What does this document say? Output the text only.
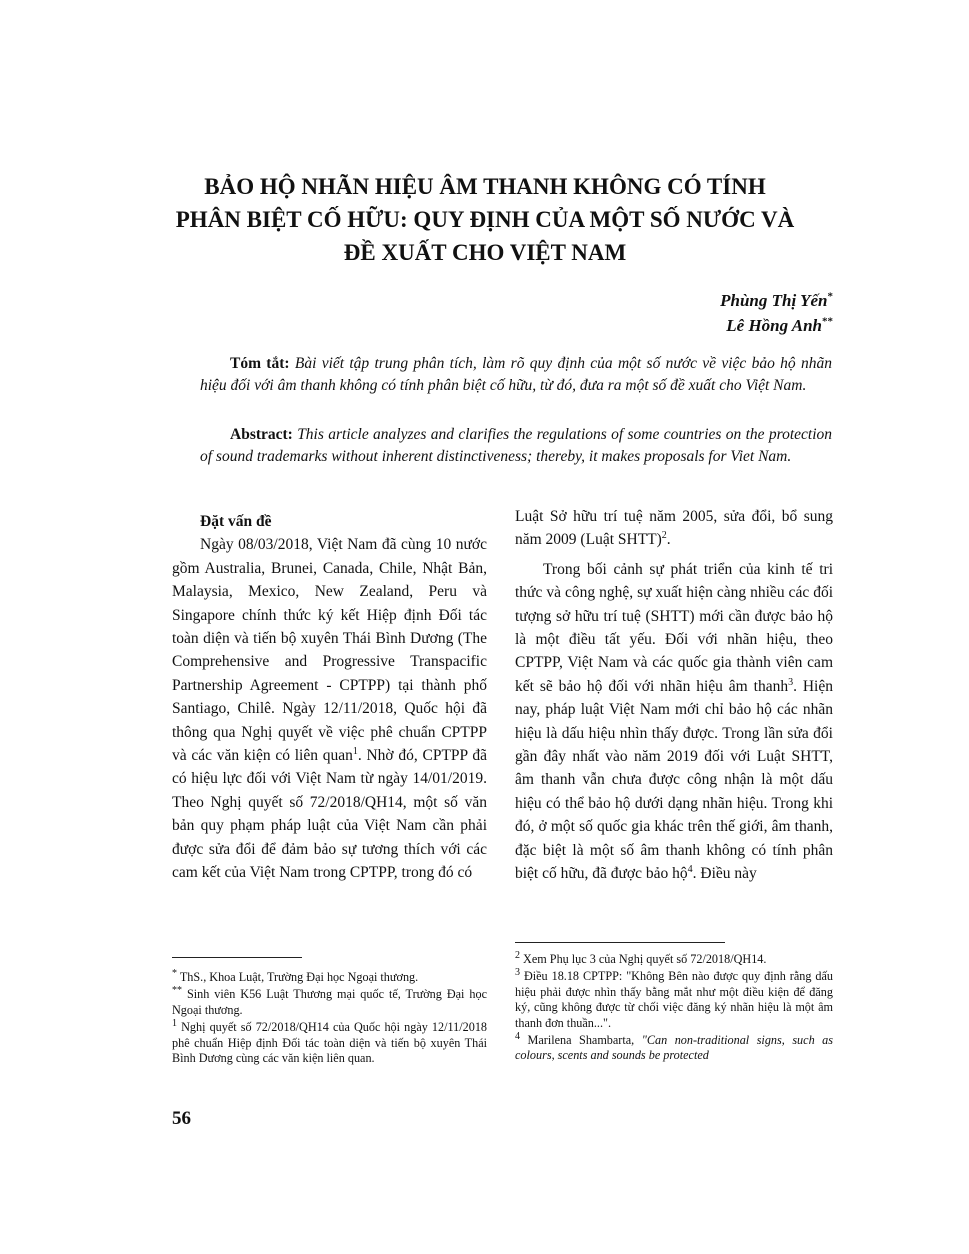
BẢO HỘ NHÃN HIỆU ÂM THANH KHÔNG CÓ TÍNH
PHÂN BIỆT CỐ HỮU: QUY ĐỊNH CỦA MỘT SỐ NƯỚC VÀ
ĐỀ XUẤT CHO VIỆT NAM
Phùng Thị Yến*
Lê Hồng Anh**

Tóm tắt: Bài viết tập trung phân tích, làm rõ quy định của một số nước về việc bảo hộ nhãn hiệu đối với âm thanh không có tính phân biệt cố hữu, từ đó, đưa ra một số đề xuất cho Việt Nam.

Abstract: This article analyzes and clarifies the regulations of some countries on the protection of sound trademarks without inherent distinctiveness; thereby, it makes proposals for Viet Nam.

Đặt vấn đề

Ngày 08/03/2018, Việt Nam đã cùng 10 nước gồm Australia, Brunei, Canada, Chile, Nhật Bản, Malaysia, Mexico, New Zealand, Peru và Singapore chính thức ký kết Hiệp định Đối tác toàn diện và tiến bộ xuyên Thái Bình Dương (The Comprehensive and Progressive Transpacific Partnership Agreement - CPTPP) tại thành phố Santiago, Chilê. Ngày 12/11/2018, Quốc hội đã thông qua Nghị quyết về việc phê chuẩn CPTPP và các văn kiện có liên quan$^1$. Nhờ đó, CPTPP đã có hiệu lực đối với Việt Nam từ ngày 14/01/2019. Theo Nghị quyết số 72/2018/QH14, một số văn bản quy phạm pháp luật của Việt Nam cần phải được sửa đổi để đảm bảo sự tương thích với các cam kết của Việt Nam trong CPTPP, trong đó có

Luật Sở hữu trí tuệ năm 2005, sửa đổi, bổ sung năm 2009 (Luật SHTT)$^2$.

Trong bối cảnh sự phát triển của kinh tế tri thức và công nghệ, sự xuất hiện càng nhiều các đối tượng sở hữu trí tuệ (SHTT) mới cần được bảo hộ là một điều tất yếu. Đối với nhãn hiệu, theo CPTPP, Việt Nam và các quốc gia thành viên cam kết sẽ bảo hộ đối với nhãn hiệu âm thanh$^3$. Hiện nay, pháp luật Việt Nam mới chỉ bảo hộ các nhãn hiệu là dấu hiệu nhìn thấy được. Trong lần sửa đổi gần đây nhất vào năm 2019 đối với Luật SHTT, âm thanh vẫn chưa được công nhận là một dấu hiệu có thể bảo hộ dưới dạng nhãn hiệu. Trong khi đó, ở một số quốc gia khác trên thế giới, âm thanh, đặc biệt là một số âm thanh không có tính phân biệt cố hữu, đã được bảo hộ$^4$. Điều này

* ThS., Khoa Luật, Trường Đại học Ngoại thương.

** Sinh viên K56 Luật Thương mại quốc tế, Trường Đại học Ngoại thương.

$^1$ Nghị quyết số 72/2018/QH14 của Quốc hội ngày 12/11/2018 phê chuẩn Hiệp định Đối tác toàn diện và tiến bộ xuyên Thái Bình Dương cùng các văn kiện liên quan.

$^2$ Xem Phụ lục 3 của Nghị quyết số 72/2018/QH14.

$^3$ Điều 18.18 CPTPP: "Không Bên nào được quy định rằng dấu hiệu phải được nhìn thấy bằng mắt như một điều kiện để đăng ký, cũng không được từ chối việc đăng ký nhãn hiệu là một âm thanh đơn thuần...".

$^4$ Marilena Shambarta, "Can non-traditional signs, such as colours, scents and sounds be protected

56
